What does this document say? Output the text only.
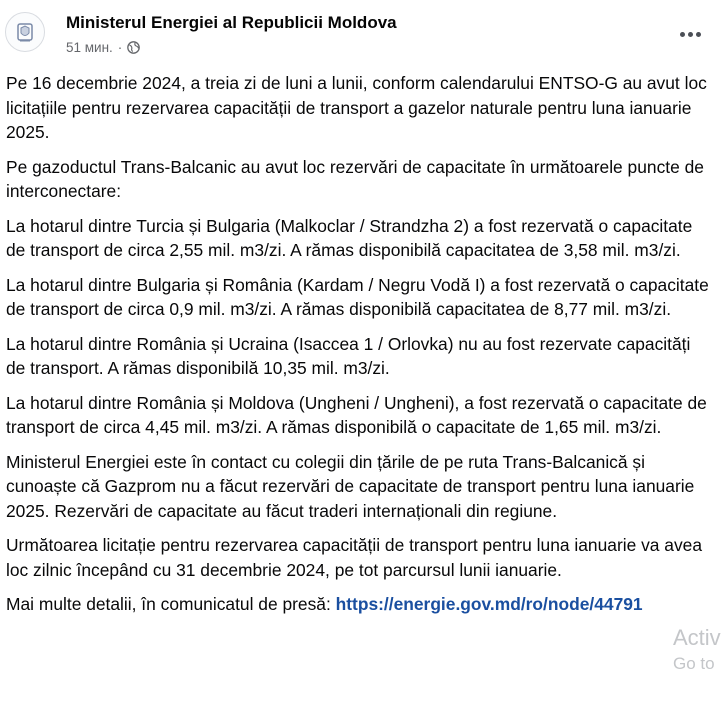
Ministerul Energiei al Republicii Moldova
51 мин. ·

Pe 16 decembrie 2024, a treia zi de luni a lunii, conform calendarului ENTSO-G au avut loc licitațiile pentru rezervarea capacității de transport a gazelor naturale pentru luna ianuarie 2025.

Pe gazoductul Trans-Balcanic au avut loc rezervări de capacitate în următoarele puncte de interconectare:

La hotarul dintre Turcia și Bulgaria (Malkoclar / Strandzha 2) a fost rezervată o capacitate de transport de circa 2,55 mil. m3/zi. A rămas disponibilă capacitatea de 3,58 mil. m3/zi.

La hotarul dintre Bulgaria și România (Kardam / Negru Vodă I) a fost rezervată o capacitate de transport de circa 0,9 mil. m3/zi. A rămas disponibilă capacitatea de 8,77 mil. m3/zi.

La hotarul dintre România și Ucraina (Isaccea 1 / Orlovka) nu au fost rezervate capacități de transport. A rămas disponibilă 10,35 mil. m3/zi.

La hotarul dintre România și Moldova (Ungheni / Ungheni), a fost rezervată o capacitate de transport de circa 4,45 mil. m3/zi. A rămas disponibilă o capacitate de 1,65 mil. m3/zi.

Ministerul Energiei este în contact cu colegii din țările de pe ruta Trans-Balcanică și cunoaște că Gazprom nu a făcut rezervări de capacitate de transport pentru luna ianuarie 2025. Rezervări de capacitate au făcut traderi internaționali din regiune.

Următoarea licitație pentru rezervarea capacității de transport pentru luna ianuarie va avea loc zilnic începând cu 31 decembrie 2024, pe tot parcursul lunii ianuarie.

Mai multe detalii, în comunicatul de presă: https://energie.gov.md/ro/node/44791

Activ
Go to
